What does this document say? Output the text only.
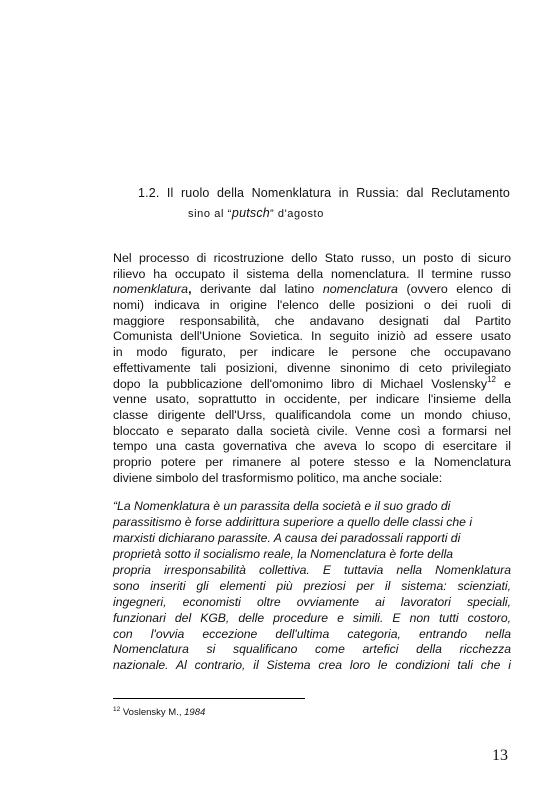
1.2. Il ruolo della Nomenklatura in Russia: dal Reclutamento
sino al “putsch” d'agosto
Nel processo di ricostruzione dello Stato russo, un posto di sicuro
rilievo ha occupato il sistema della nomenclatura. Il termine russo
nomenklatura, derivante dal latino nomenclatura (ovvero elenco di
nomi) indicava in origine l'elenco delle posizioni o dei ruoli di
maggiore responsabilità, che andavano designati dal Partito
Comunista dell'Unione Sovietica. In seguito iniziò ad essere usato
in modo figurato, per indicare le persone che occupavano
effettivamente tali posizioni, divenne sinonimo di ceto privilegiato
dopo la pubblicazione dell'omonimo libro di Michael Voslensky$^{12}$ e
venne usato, soprattutto in occidente, per indicare l'insieme della
classe dirigente dell'Urss, qualificandola come un mondo chiuso,
bloccato e separato dalla società civile. Venne così a formarsi nel
tempo una casta governativa che aveva lo scopo di esercitare il
proprio potere per rimanere al potere stesso e la Nomenclatura
diviene simbolo del trasformismo politico, ma anche sociale:
“La Nomenklatura è un parassita della società e il suo grado di
parassitismo è forse addirittura superiore a quello delle classi che i
marxisti dichiarano parassite. A causa dei paradossali rapporti di
proprietà sotto il socialismo reale, la Nomenclatura è forte della
propria irresponsabilità collettiva. E tuttavia nella Nomenklatura
sono inseriti gli elementi più preziosi per il sistema: scienziati,
ingegneri, economisti oltre ovviamente ai lavoratori speciali,
funzionari del KGB, delle procedure e simili. E non tutti costoro,
con l'ovvia eccezione dell'ultima categoria, entrando nella
Nomenclatura si squalificano come artefici della ricchezza
nazionale. Al contrario, il Sistema crea loro le condizioni tali che i
$^{12}$ Voslensky M., 1984
13
